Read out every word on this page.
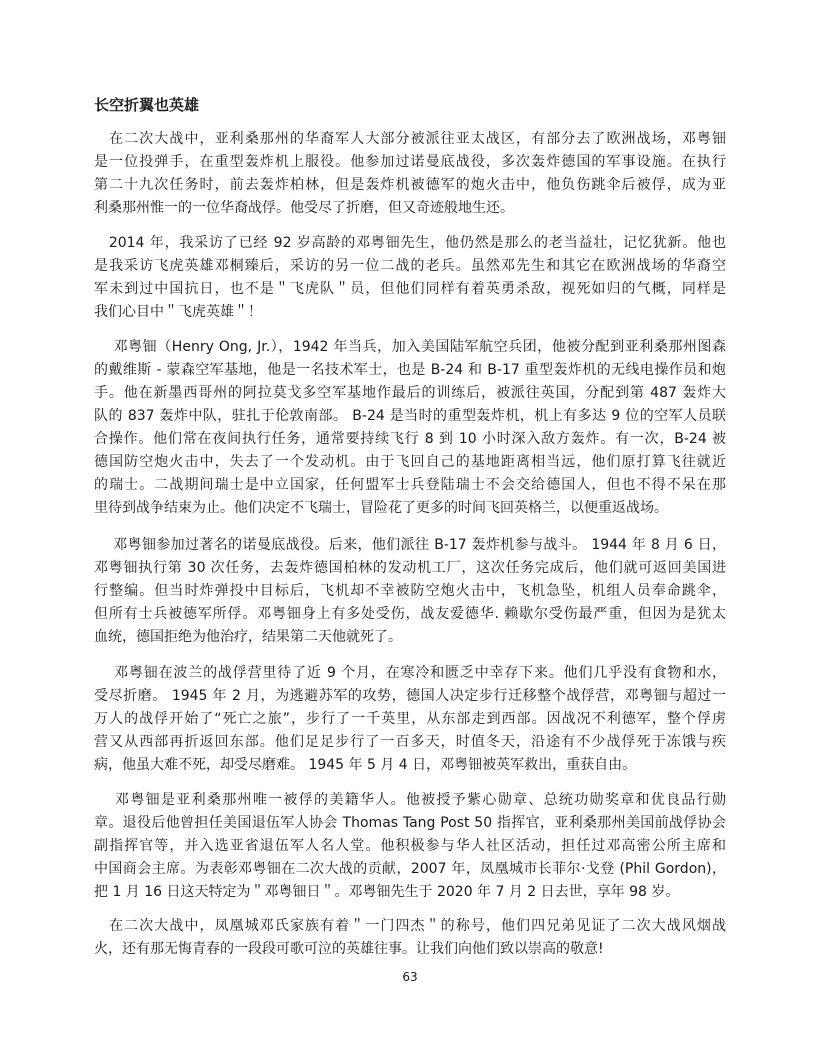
长空折翼也英雄

　在二次大战中，亚利桑那州的华裔军人大部分被派往亚太战区，有部分去了欧洲战场，邓粤钿
是一位投弹手，在重型轰炸机上服役。他参加过诺曼底战役，多次轰炸德国的军事设施。在执行
第二十九次任务时，前去轰炸柏林，但是轰炸机被德军的炮火击中，他负伤跳伞后被俘，成为亚
利桑那州惟一的一位华裔战俘。他受尽了折磨，但又奇迹般地生还。

　2014 年，我采访了已经 92 岁高龄的邓粤钿先生，他仍然是那么的老当益壮，记忆犹新。他也
是我采访飞虎英雄邓桐臻后，采访的另一位二战的老兵。虽然邓先生和其它在欧洲战场的华裔空
军未到过中国抗日，也不是＂飞虎队＂员，但他们同样有着英勇杀敌，视死如归的气概，同样是
我们心目中＂飞虎英雄＂！

　 邓粤钿（Henry Ong, Jr.），1942 年当兵，加入美国陆军航空兵团，他被分配到亚利桑那州图森
的戴维斯 - 蒙森空军基地，他是一名技术军士，也是 B-24 和 B-17 重型轰炸机的无线电操作员和炮
手。他在新墨西哥州的阿拉莫戈多空军基地作最后的训练后，被派往英国，分配到第 487 轰炸大
队的 837 轰炸中队，驻扎于伦敦南部。 B-24 是当时的重型轰炸机，机上有多达 9 位的空军人员联
合操作。他们常在夜间执行任务，通常要持续飞行 8 到 10 小时深入敌方轰炸。有一次，B-24 被
德国防空炮火击中，失去了一个发动机。由于飞回自己的基地距离相当远，他们原打算飞往就近
的瑞士。二战期间瑞士是中立国家，任何盟军士兵登陆瑞士不会交给德国人，但也不得不呆在那
里待到战争结束为止。他们决定不飞瑞士，冒险花了更多的时间飞回英格兰，以便重返战场。

　 邓粤钿参加过著名的诺曼底战役。后来，他们派往 B-17 轰炸机参与战斗。 1944 年 8 月 6 日，
邓粤钿执行第 30 次任务，去轰炸德国柏林的发动机工厂，这次任务完成后，他们就可返回美国进
行整编。但当时炸弹投中目标后，飞机却不幸被防空炮火击中，飞机急坠，机组人员奉命跳伞，
但所有士兵被德军所俘。邓粤钿身上有多处受伤，战友爱德华. 赖歇尔受伤最严重，但因为是犹太
血统，德国拒绝为他治疗，结果第二天他就死了。

　 邓粤钿在波兰的战俘营里待了近 9 个月，在寒冷和匮乏中幸存下来。他们几乎没有食物和水，
受尽折磨。 1945 年 2 月，为逃避苏军的攻势，德国人决定步行迁移整个战俘营，邓粤钿与超过一
万人的战俘开始了“死亡之旅”，步行了一千英里，从东部走到西部。因战况不利德军，整个俘虏
营又从西部再折返回东部。他们足足步行了一百多天，时值冬天，沿途有不少战俘死于冻饿与疾
病，他虽大难不死，却受尽磨难。 1945 年 5 月 4 日，邓粤钿被英军救出，重获自由。

　 邓粤钿是亚利桑那州唯一被俘的美籍华人。他被授予紫心勋章、总统功勋奖章和优良品行勋
章。退役后他曾担任美国退伍军人协会 Thomas Tang Post 50 指挥官，亚利桑那州美国前战俘协会
副指挥官等，并入选亚省退伍军人名人堂。他积极参与华人社区活动，担任过邓高密公所主席和
中国商会主席。为表彰邓粤钿在二次大战的贡献，2007 年，凤凰城市长菲尔·戈登 (Phil Gordon)，
把 1 月 16 日这天特定为＂邓粤钿日＂。邓粤钿先生于 2020 年 7 月 2 日去世，享年 98 岁。

　在二次大战中，凤凰城邓氏家族有着＂一门四杰＂的称号，他们四兄弟见证了二次大战风烟战
火，还有那无悔青春的一段段可歌可泣的英雄往事。让我们向他们致以崇高的敬意!

63
